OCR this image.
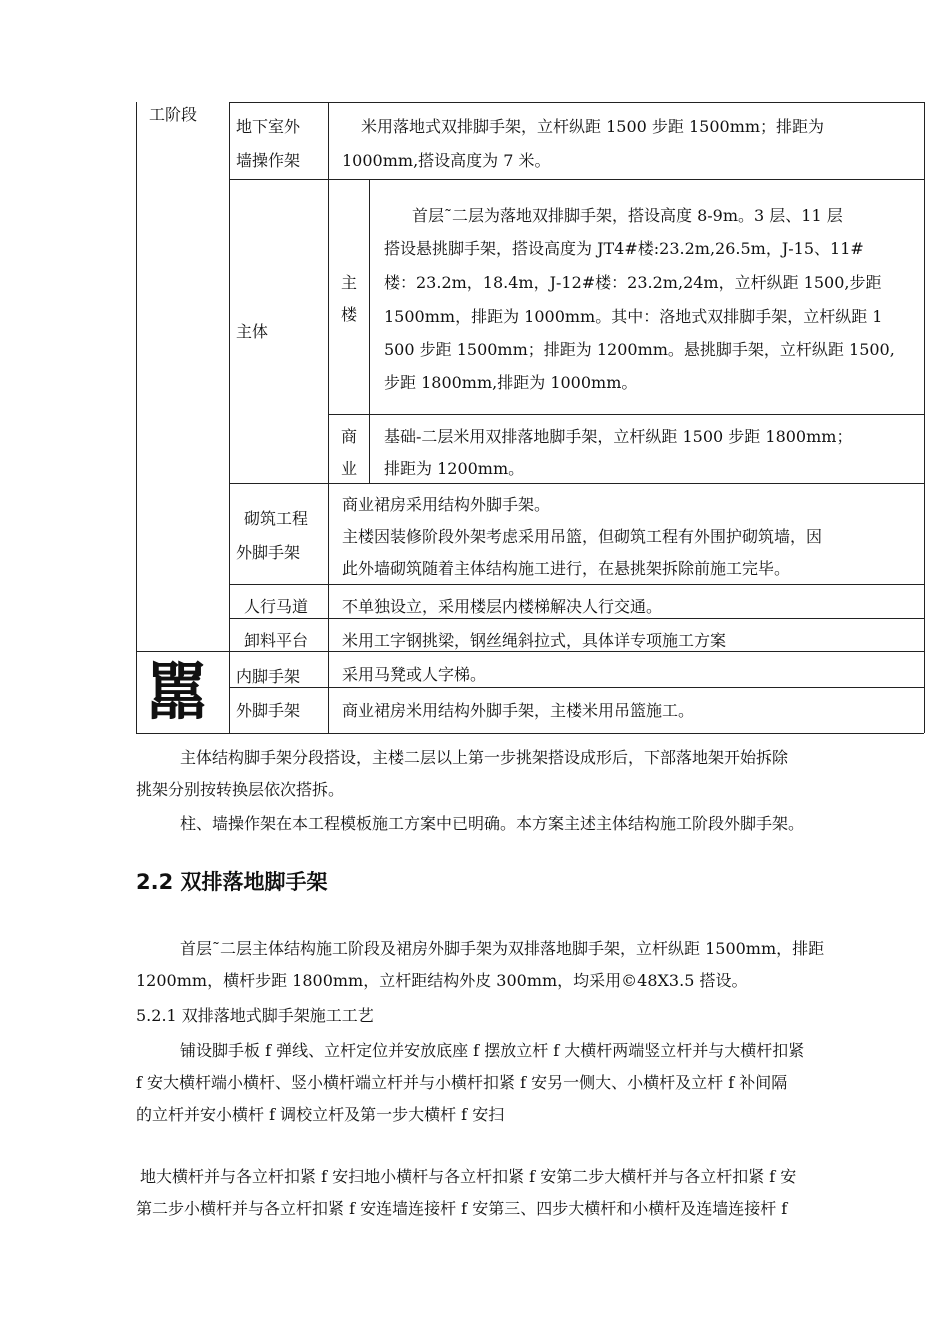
工阶段
地下室外
墙操作架
米用落地式双排脚手架，立杆纵距 1500 步距 1500mm；排距为
1000mm,搭设高度为 7 米。
主体
主
楼
首层˜二层为落地双排脚手架，搭设高度 8-9m。3 层、11 层
搭设悬挑脚手架，搭设高度为 JT4#楼:23.2m,26.5m，J-15、11#
楼：23.2m，18.4m，J-12#楼：23.2m,24m，立杆纵距 1500,步距
1500mm，排距为 1000mm。其中：洛地式双排脚手架，立杆纵距 1
500 步距 1500mm；排距为 1200mm。悬挑脚手架，立杆纵距 1500,
步距 1800mm,排距为 1000mm。
商
业
基础-二层米用双排落地脚手架，立杆纵距 1500 步距 1800mm；
排距为 1200mm。
砌筑工程
外脚手架
商业裙房采用结构外脚手架。
主楼因装修阶段外架考虑采用吊篮，但砌筑工程有外围护砌筑墙，因
此外墙砌筑随着主体结构施工进行，在悬挑架拆除前施工完毕。
人行马道 不单独设立，采用楼层内楼梯解决人行交通。
卸料平台 米用工字钢挑梁，钢丝绳斜拉式，具体详专项施工方案
内脚手架	采用马凳或人字梯。
外脚手架	商业裙房米用结构外脚手架，主楼米用吊篮施工。
嚚
主体结构脚手架分段搭设，主楼二层以上第一步挑架搭设成形后，下部落地架开始拆除
挑架分别按转换层依次搭拆。
柱、墙操作架在本工程模板施工方案中已明确。本方案主述主体结构施工阶段外脚手架。
2.2 双排落地脚手架
首层˜二层主体结构施工阶段及裙房外脚手架为双排落地脚手架，立杆纵距 1500mm，排距
1200mm，横杆步距 1800mm，立杆距结构外皮 300mm，均采用©48X3.5 搭设。
5.2.1 双排落地式脚手架施工工艺
铺设脚手板 f 弹线、立杆定位并安放底座 f 摆放立杆 f 大横杆两端竖立杆并与大横杆扣紧
f 安大横杆端小横杆、竖小横杆端立杆并与小横杆扣紧 f 安另一侧大、小横杆及立杆 f 补间隔
的立杆并安小横杆 f 调校立杆及第一步大横杆 f 安扫
地大横杆并与各立杆扣紧 f 安扫地小横杆与各立杆扣紧 f 安第二步大横杆并与各立杆扣紧 f 安
第二步小横杆并与各立杆扣紧 f 安连墙连接杆 f 安第三、四步大横杆和小横杆及连墙连接杆 f
